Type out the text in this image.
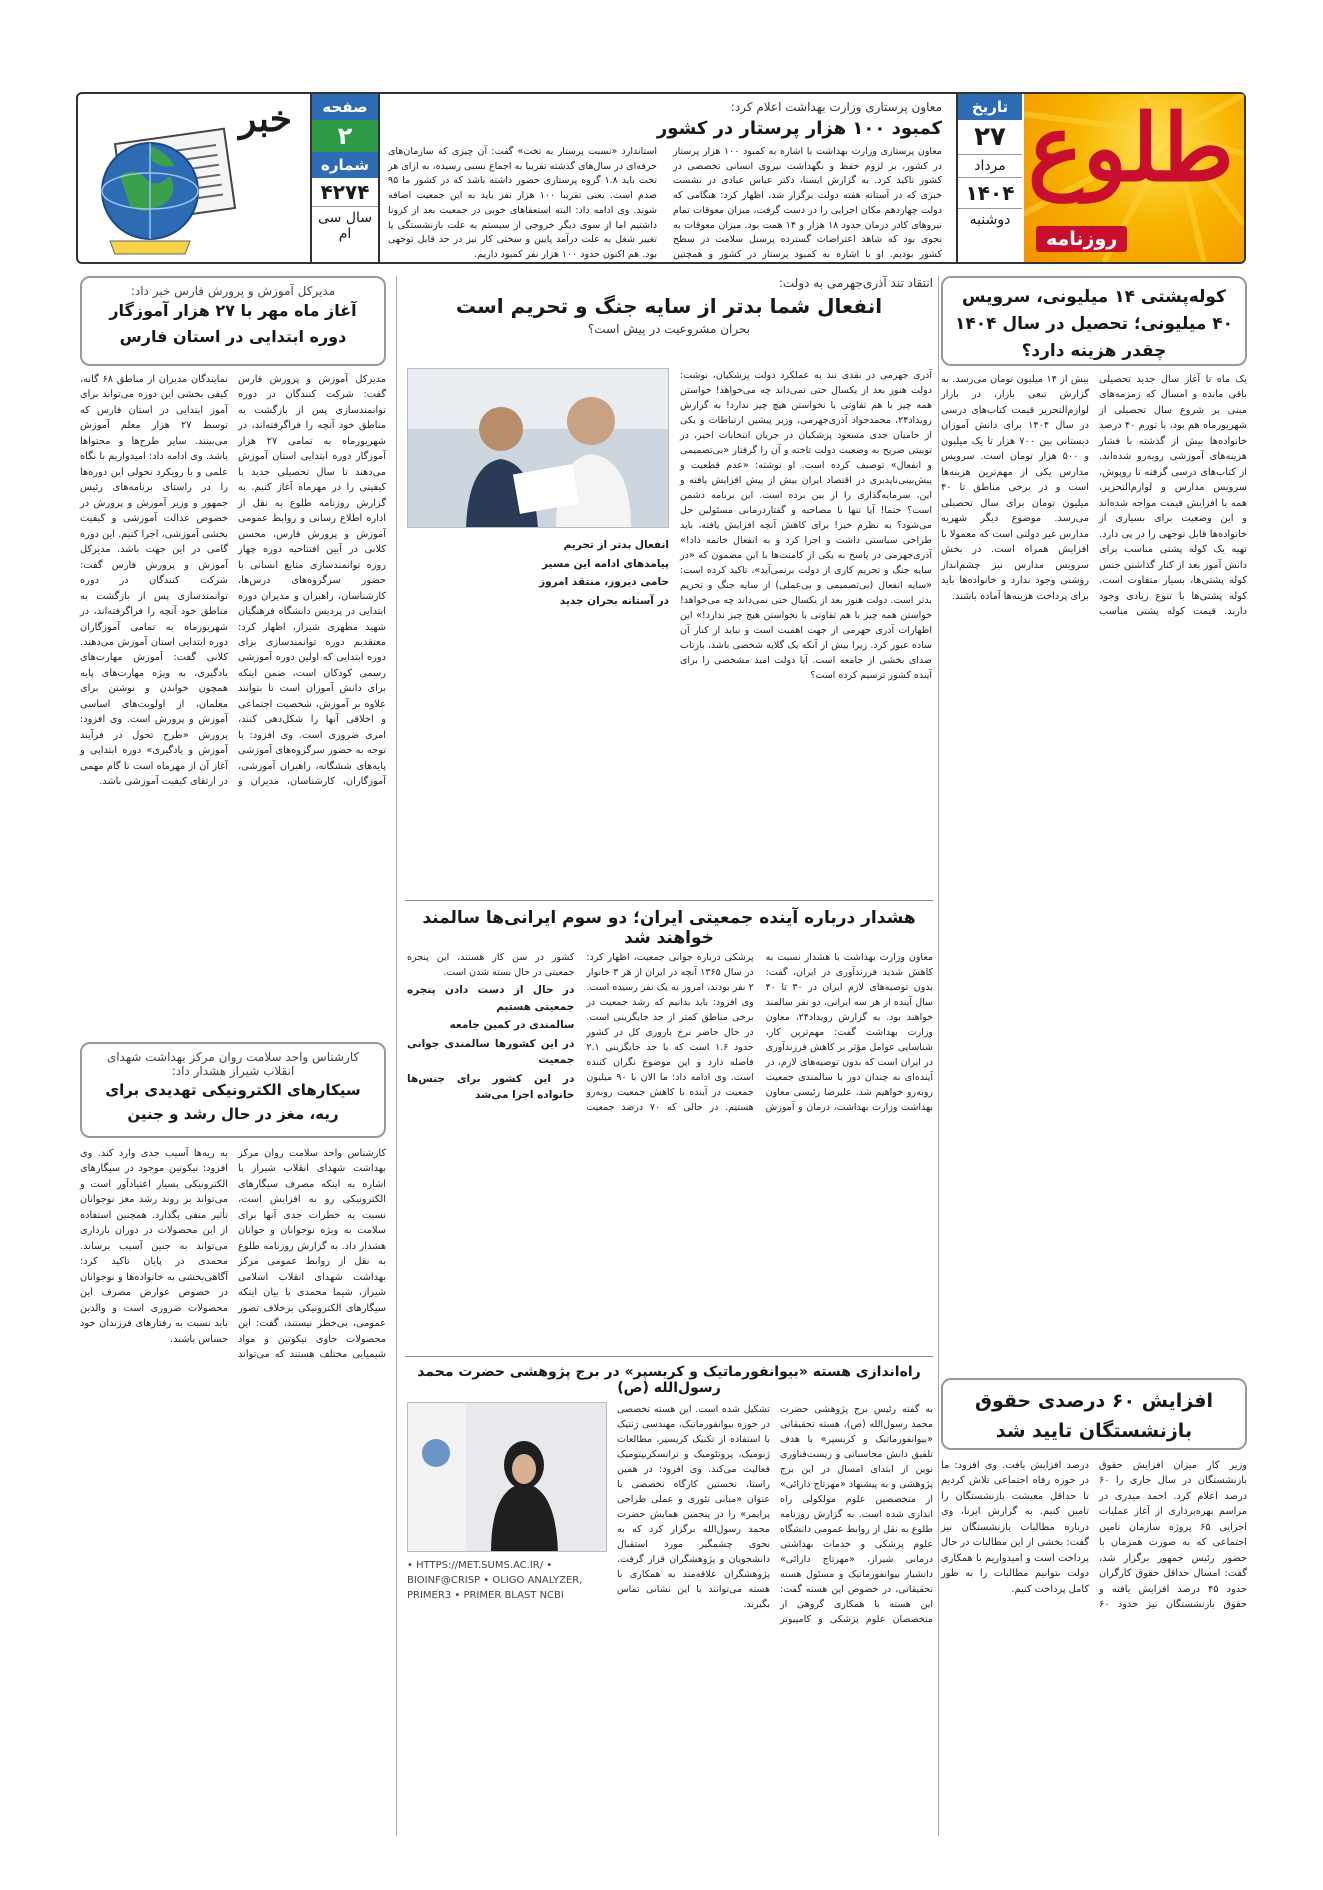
طلوع
روزنامه
تاریخ
۲۷
مرداد
۱۴۰۴
دوشنبه
معاون پرستاری وزارت بهداشت اعلام کرد:
کمبود ۱۰۰ هزار پرستار در کشور
معاون پرستاری وزارت بهداشت با اشاره به کمبود ۱۰۰ هزار پرستار در کشور، بر لزوم حفظ و نگهداشت نیروی انسانی تخصصی در کشور تاکید کرد. به گزارش ایسنا، دکتر عباس عبادی در نشست خبری که در آستانه هفته دولت برگزار شد، اظهار کرد: هنگامی که دولت چهاردهم مکان اجرایی را در دست گرفت، میزان معوقات تمام نیروهای کادر درمان حدود ۱۸ هزار و ۱۴ همت بود. میزان معوقات به نحوی بود که شاهد اعتراضات گسترده پرسنل سلامت در سطح کشور بودیم. او با اشاره به کمبود پرستار در کشور و همچنین استاندارد «نسبت پرستار به تخت» گفت: آن چیزی که سازمان‌های حرفه‌ای در سال‌های گذشته تقریبا به اجماع نسبی رسیده، به ازای هر تخت باید ۱.۸ گروه پرستاری حضور داشته باشد که در کشور ما ۹۵ صدم است. یعنی تقریبا ۱۰۰ هزار نفر باید به این جمعیت اضافه شوند. وی ادامه داد: البته استعفاهای خوبی در جمعیت بعد از کرونا داشتیم اما از سوی دیگر خروجی از سیستم به علت بازنشستگی یا تغییر شغل به علت درآمد پایین و سختی کار نیز در حد قابل توجهی بود. هم اکنون حدود ۱۰۰ هزار نفر کمبود داریم.
صفحه
۲
شماره
۴۲۷۴
سال سی ام
خبر
کوله‌پشتی ۱۴ میلیونی، سرویس ۴۰ میلیونی؛ تحصیل در سال ۱۴۰۴ چقدر هزینه دارد؟
یک ماه تا آغاز سال جدید تحصیلی باقی مانده و امسال که زمزمه‌های مبنی بر شروع سال تحصیلی از شهریورماه هم بود، با تورم ۴۰ درصد خانواده‌ها بیش از گذشته با فشار هزینه‌های آموزشی روبه‌رو شده‌اند. از کتاب‌های درسی گرفته تا روپوش، سرویس مدارس و لوازم‌التحریر، همه با افزایش قیمت مواجه شده‌اند و این وضعیت برای بسیاری از خانواده‌ها قابل توجهی را در پی دارد. تهیه یک کوله پشتی مناسب برای دانش آموز بعد از کنار گذاشتن جنس کوله پشتی‌ها، بسیار متفاوت است. کوله پشتی‌ها با تنوع زیادی وجود دارند. قیمت کوله پشتی مناسب بیش از ۱۴ میلیون تومان می‌رسد. به گزارش تبعی بازار، در بازار لوازم‌التحریر قیمت کتاب‌های درسی در سال ۱۴۰۴ برای دانش آموزان دبستانی بین ۷۰۰ هزار تا یک میلیون و ۵۰۰ هزار تومان است. سرویس مدارس یکی از مهم‌ترین هزینه‌ها است و در برخی مناطق تا ۴۰ میلیون تومان برای سال تحصیلی می‌رسد. موضوع دیگر شهریه مدارس غیر دولتی است که معمولا با افزایش همراه است. در بخش سرویس مدارس نیز چشم‌انداز روشنی وجود ندارد و خانواده‌ها باید برای پرداخت هزینه‌ها آماده باشند.
افزایش ۶۰ درصدی حقوق بازنشستگان تایید شد
وزیر کار میزان افزایش حقوق بازنشستگان در سال جاری را ۶۰ درصد اعلام کرد. احمد میدری در مراسم بهره‌برداری از آغاز عملیات اجرایی ۶۵ پروژه سازمان تامین اجتماعی که به صورت همزمان با حضور رئیس جمهور برگزار شد، گفت: امسال حداقل حقوق کارگران حدود ۴۵ درصد افزایش یافته و حقوق بازنشستگان نیز حدود ۶۰ درصد افزایش یافت. وی افزود: ما در حوزه رفاه اجتماعی تلاش کردیم تا حداقل معیشت بازنشستگان را تامین کنیم. به گزارش ایرنا، وی درباره مطالبات بازنشستگان نیز گفت: بخشی از این مطالبات در حال پرداخت است و امیدواریم با همکاری دولت بتوانیم مطالبات را به طور کامل پرداخت کنیم.
انتقاد تند آذری‌جهرمی به دولت:
انفعال شما بدتر از سایه جنگ و تحریم است
بحران مشروعیت در پیش است؟
آذری جهرمی در نقدی تند به عملکرد دولت پزشکیان، نوشت: دولت هنوز بعد از یکسال حتی نمی‌داند چه می‌خواهد! خواستن همه چیز با هم تفاوتی با نخواستن هیچ چیز ندارد! به گزارش رویداد۲۴، محمدجواد آذری‌جهرمی، وزیر پیشین ارتباطات و یکی از حامیان جدی مسعود پزشکیان در جریان انتخابات اخیر، در توییتی صریح به وضعیت دولت تاخته و آن را گرفتار «بی‌تصمیمی و انفعال» توصیف کرده است. او نوشته: «عدم قطعیت و پیش‌بینی‌ناپذیری در اقتصاد ایران بیش از پیش افزایش یافته و این، سرمایه‌گذاری را از بین برده است. این برنامه دشمن است؟ حتما! آیا تنها با مصاحبه و گفتاردرمانی مسئولین حل می‌شود؟ به نظرم خیر! برای کاهش آنچه افزایش یافته، باید طراحی سیاستی داشت و اجرا کرد و به انفعال خاتمه داد!» آذری‌جهرمی در پاسخ به یکی از کامنت‌ها با این مضمون که «در سایه جنگ و تحریم کاری از دولت برنمی‌آید»، تاکید کرده است: «سایه انفعال (بی‌تصمیمی و بی‌عملی) از سایه جنگ و تحریم بدتر است. دولت هنوز بعد از یکسال حتی نمی‌داند چه می‌خواهد! خواستن همه چیز با هم تفاوتی با نخواستن هیچ چیز ندارد!» این اظهارات آذری جهرمی از جهت اهمیت است و نباید از کنار آن ساده عبور کرد. زیرا بیش از آنکه یک گلایه شخصی باشد، بازتاب صدای بخشی از جامعه است. آیا دولت امید مشخصی را برای آینده کشور ترسیم کرده است؟
انفعال بدتر از تحریم
پیامدهای ادامه این مسیر
حامی دیروز، منتقد امروز
در آستانه بحران جدید
هشدار درباره آینده جمعیتی ایران؛ دو سوم ایرانی‌ها سالمند خواهند شد
معاون وزارت بهداشت با هشدار نسبت به کاهش شدید فرزندآوری در ایران، گفت: بدون توصیه‌های لازم ایران در ۳۰ تا ۴۰ سال آینده از هر سه ایرانی، دو نفر سالمند خواهند بود. به گزارش رویداد۲۴، معاون وزارت بهداشت گفت: مهم‌ترین کار، شناسایی عوامل مؤثر بر کاهش فرزندآوری در ایران است که بدون توصیه‌های لازم، در آینده‌ای نه چندان دور با سالمندی جمعیت روبه‌رو خواهیم شد. علیرضا رئیسی معاون بهداشت وزارت بهداشت، درمان و آموزش پزشکی درباره جوانی جمعیت، اظهار کرد: در سال ۱۳۶۵ آنچه در ایران از هر ۳ خانوار ۲ نفر بودند، امروز به یک نفر رسیده است. وی افزود: باید بدانیم که رشد جمعیت در برخی مناطق کمتر از حد جایگزینی است. در حال حاضر نرخ باروری کل در کشور حدود ۱.۶ است که با حد جایگزینی ۲.۱ فاصله دارد و این موضوع نگران کننده است. وی ادامه داد: ما الان با ۹۰ میلیون جمعیت در آینده با کاهش جمعیت روبه‌رو هستیم. در حالی که ۷۰ درصد جمعیت کشور در سن کار هستند، این پنجره جمعیتی در حال بسته شدن است.
در حال از دست دادن پنجره جمعیتی هستیم
سالمندی در کمین جامعه
در این کشورها سالمندی جوانی جمعیت
در این کشور برای جنس‌ها خانواده اجرا می‌شد
راه‌اندازی هسته «بیوانفورماتیک و کریسپر» در برج پژوهشی حضرت محمد رسول‌الله (ص)
به گفته رئیس برج پژوهشی حضرت محمد رسول‌الله (ص)، هسته تحقیقاتی «بیوانفورماتیک و کریسپر» با هدف تلفیق دانش محاسباتی و زیست‌فناوری نوین از ابتدای امسال در این برج پژوهشی و به پیشنهاد «مهرتاج دارائی» از متخصصین علوم مولکولی راه اندازی شده است. به گزارش روزنامه طلوع به نقل از روابط عمومی دانشگاه علوم پزشکی و خدمات بهداشتی درمانی شیراز، «مهرتاج دارائی» دانشیار بیوانفورماتیک و مسئول هسته تحقیقاتی، در خصوص این هسته گفت: این هسته با همکاری گروهی از متخصصان علوم پزشکی و کامپیوتر تشکیل شده است. این هسته تخصصی در حوزه بیوانفورماتیک، مهندسی ژنتیک با استفاده از تکنیک کریسپر، مطالعات ژنومیک، پروتئومیک و ترانسکریپتومیک فعالیت می‌کند. وی افزود: در همین راستا، نخستین کارگاه تخصصی با عنوان «مبانی تئوری و عملی طراحی پرایمر» را در پنجمین همایش حضرت محمد رسول‌الله برگزار کرد که به نحوی چشمگیر مورد استقبال دانشجویان و پژوهشگران قرار گرفت. پژوهشگران علاقه‌مند به همکاری با هسته می‌توانند با این نشانی تماس بگیرند.
• HTTPS://MET.SUMS.AC.IR/ • BIOINF@CRISP • OLIGO ANALYZER, PRIMER3 • PRIMER BLAST NCBI
مدیرکل آموزش و پرورش فارس خبر داد:
آغاز ماه مهر با ۲۷ هزار آموزگار دوره ابتدایی در استان فارس
مدیرکل آموزش و پرورش فارس گفت: شرکت کنندگان در دوره توانمندسازی پس از بازگشت به مناطق خود آنچه را فراگرفته‌اند، در شهریورماه به تمامی ۲۷ هزار آموزگار دوره ابتدایی استان آموزش می‌دهند تا سال تحصیلی جدید با کیفیتی را در مهرماه آغاز کنیم. به گزارش روزنامه طلوع به نقل از اداره اطلاع رسانی و روابط عمومی آموزش و پرورش فارس، محسن کلانی در آیین افتتاحیه دوره چهار روزه توانمندسازی منابع انسانی با حضور سرگروه‌های درس‌ها، کارشناسان، راهبران و مدیران دوره ابتدایی در پردیس دانشگاه فرهنگیان شهید مطهری شیراز، اظهار کرد: معتقدیم دوره توانمندسازی برای دوره ابتدایی که اولین دوره آموزشی رسمی کودکان است، ضمن اینکه برای دانش آموزان است تا بتوانند علاوه بر آموزش، شخصیت اجتماعی و اخلاقی آنها را شکل‌دهی کنند، امری ضروری است. وی افزود: با توجه به حضور سرگروه‌های آموزشی پایه‌های ششگانه، راهبران آموزشی، آموزگاران، کارشناسان، مدیران و نمایندگان مدیران از مناطق ۶۸ گانه، کیفی بخشی این دوره می‌تواند برای آموز ابتدایی در استان فارس که توسط ۲۷ هزار معلم آموزش می‌بینند. سایر طرح‌ها و محتواها باشد. وی ادامه داد: امیدواریم با نگاه علمی و با رویکرد تحولی این دوره‌ها را در راستای برنامه‌های رئیس جمهور و وزیر آموزش و پرورش در خصوص عدالت آموزشی و کیفیت بخشی آموزشی، اجرا کنیم. این دوره گامی در این جهت باشد. مدیرکل آموزش و پرورش فارس گفت: شرکت کنندگان در دوره توانمندسازی پس از بازگشت به مناطق خود آنچه را فراگرفته‌اند، در شهریورماه به تمامی آموزگاران دوره ابتدایی استان آموزش می‌دهند. کلانی گفت: آموزش مهارت‌های یادگیری، به ویژه مهارت‌های پایه همچون خواندن و نوشتن برای معلمان، از اولویت‌های اساسی آموزش و پرورش است. وی افزود: پرورش «طرح تحول در فرآیند آموزش و یادگیری» دوره ابتدایی و آغاز آن از مهرماه است تا گام مهمی در ارتقای کیفیت آموزشی باشد.
کارشناس واحد سلامت روان مرکز بهداشت شهدای انقلاب شیراز هشدار داد:
سیکارهای الکترونیکی تهدیدی برای ریه، مغز در حال رشد و جنین
کارشناس واحد سلامت روان مرکز بهداشت شهدای انقلاب شیراز با اشاره به اینکه مصرف سیگارهای الکترونیکی رو به افزایش است، نسبت به خطرات جدی آنها برای سلامت به ویژه نوجوانان و جوانان هشدار داد. به گزارش روزنامه طلوع به نقل از روابط عمومی مرکز بهداشت شهدای انقلاب اسلامی شیراز، شیما محمدی با بیان اینکه سیگارهای الکترونیکی برخلاف تصور عمومی، بی‌خطر نیستند، گفت: این محصولات حاوی نیکوتین و مواد شیمیایی مختلف هستند که می‌تواند به ریه‌ها آسیب جدی وارد کند. وی افزود: نیکوتین موجود در سیگارهای الکترونیکی بسیار اعتیادآور است و می‌تواند بر روند رشد مغز نوجوانان تأثیر منفی بگذارد. همچنین استفاده از این محصولات در دوران بارداری می‌تواند به جنین آسیب برساند. محمدی در پایان تاکید کرد: آگاهی‌بخشی به خانواده‌ها و نوجوانان در خصوص عوارض مصرف این محصولات ضروری است و والدین باید نسبت به رفتارهای فرزندان خود حساس باشند.
